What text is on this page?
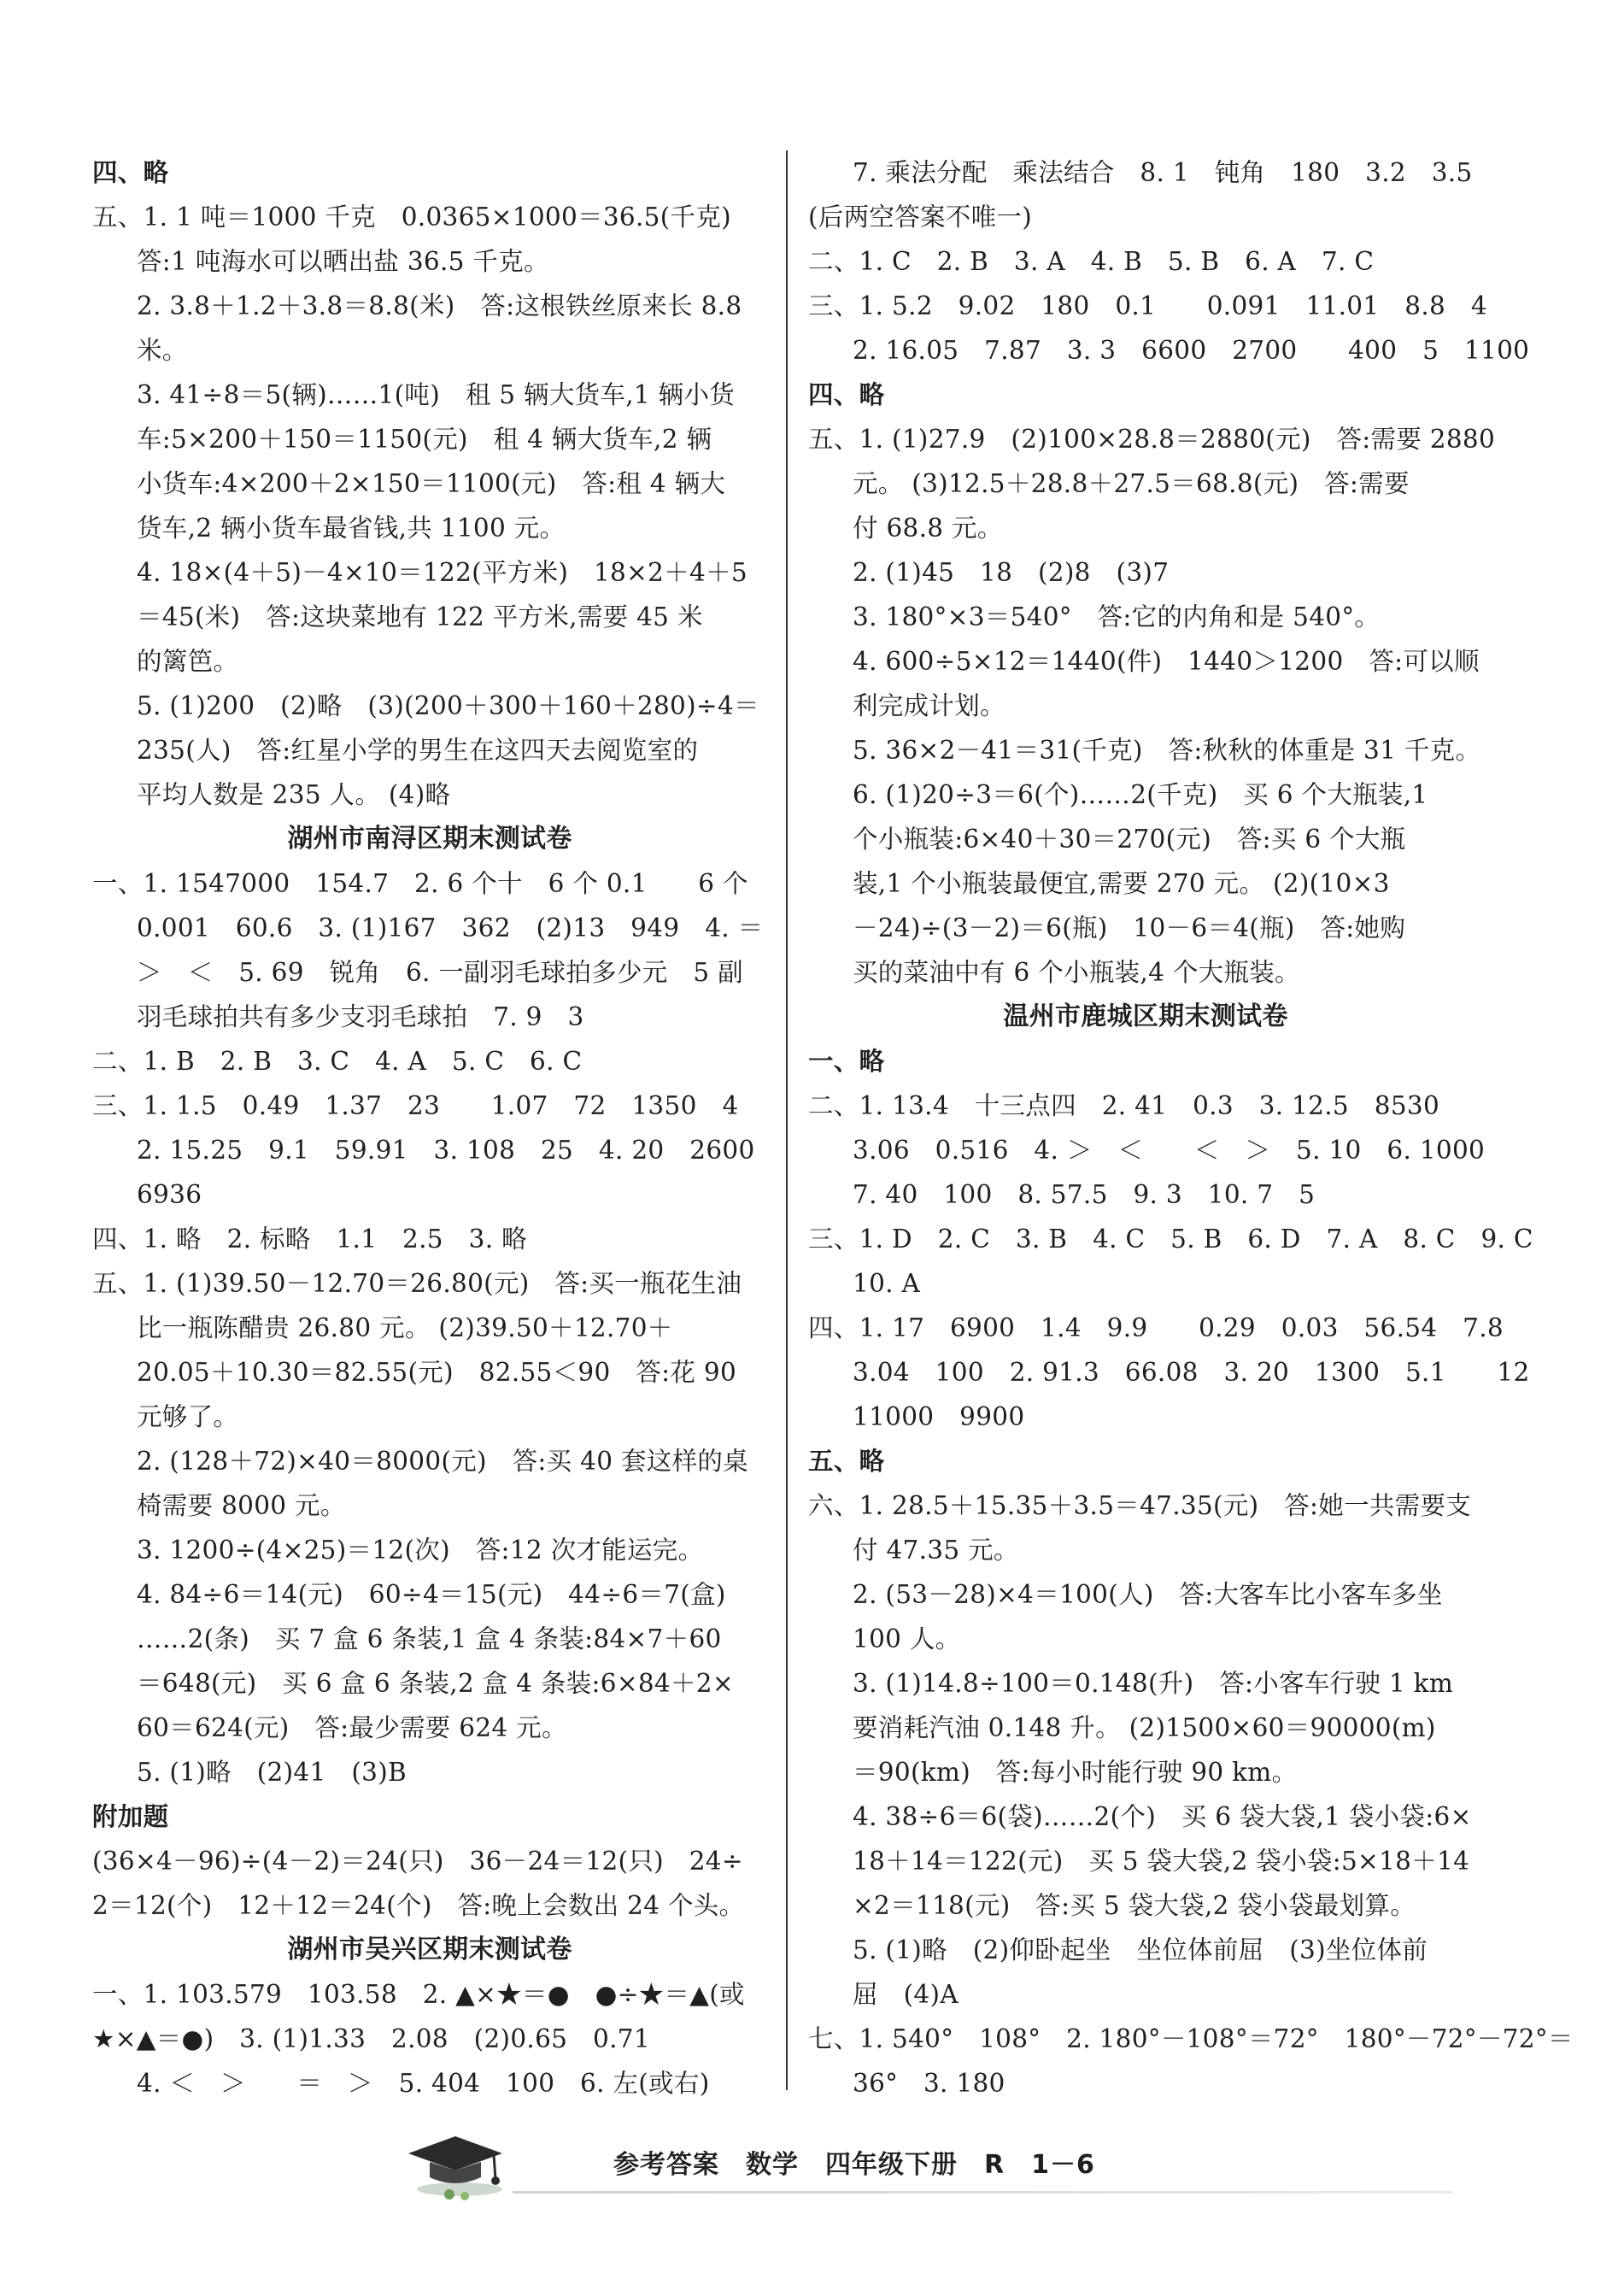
四、略
五、1. 1 吨＝1000 千克　0.0365×1000＝36.5(千克)
答:1 吨海水可以晒出盐 36.5 千克。
2. 3.8＋1.2＋3.8＝8.8(米)　答:这根铁丝原来长 8.8
米。
3. 41÷8＝5(辆)……1(吨)　租 5 辆大货车,1 辆小货
车:5×200＋150＝1150(元)　租 4 辆大货车,2 辆
小货车:4×200＋2×150＝1100(元)　答:租 4 辆大
货车,2 辆小货车最省钱,共 1100 元。
4. 18×(4＋5)－4×10＝122(平方米)　18×2＋4＋5
＝45(米)　答:这块菜地有 122 平方米,需要 45 米
的篱笆。
5. (1)200　(2)略　(3)(200＋300＋160＋280)÷4＝
235(人)　答:红星小学的男生在这四天去阅览室的
平均人数是 235 人。 (4)略
湖州市南浔区期末测试卷
一、1. 1547000　154.7　2. 6 个十　6 个 0.1　　6 个
0.001　60.6　3. (1)167　362　(2)13　949　4. ＝
＞　＜　5. 69　锐角　6. 一副羽毛球拍多少元　5 副
羽毛球拍共有多少支羽毛球拍　7. 9　3
二、1. B　2. B　3. C　4. A　5. C　6. C
三、1. 1.5　0.49　1.37　23　　1.07　72　1350　4
2. 15.25　9.1　59.91　3. 108　25　4. 20　2600
6936
四、1. 略　2. 标略　1.1　2.5　3. 略
五、1. (1)39.50－12.70＝26.80(元)　答:买一瓶花生油
比一瓶陈醋贵 26.80 元。 (2)39.50＋12.70＋
20.05＋10.30＝82.55(元)　82.55＜90　答:花 90
元够了。
2. (128＋72)×40＝8000(元)　答:买 40 套这样的桌
椅需要 8000 元。
3. 1200÷(4×25)＝12(次)　答:12 次才能运完。
4. 84÷6＝14(元)　60÷4＝15(元)　44÷6＝7(盒)
……2(条)　买 7 盒 6 条装,1 盒 4 条装:84×7＋60
＝648(元)　买 6 盒 6 条装,2 盒 4 条装:6×84＋2×
60＝624(元)　答:最少需要 624 元。
5. (1)略　(2)41　(3)B
附加题
(36×4－96)÷(4－2)＝24(只)　36－24＝12(只)　24÷
2＝12(个)　12＋12＝24(个)　答:晚上会数出 24 个头。
湖州市吴兴区期末测试卷
一、1. 103.579　103.58　2. ▲×★＝●　●÷★＝▲(或
★×▲＝●)　3. (1)1.33　2.08　(2)0.65　0.71
4. ＜　＞　　＝　＞　5. 404　100　6. 左(或右)
7. 乘法分配　乘法结合　8. 1　钝角　180　3.2　3.5
(后两空答案不唯一)
二、1. C　2. B　3. A　4. B　5. B　6. A　7. C
三、1. 5.2　9.02　180　0.1　　0.091　11.01　8.8　4
2. 16.05　7.87　3. 3　6600　2700　　400　5　1100
四、略
五、1. (1)27.9　(2)100×28.8＝2880(元)　答:需要 2880
元。 (3)12.5＋28.8＋27.5＝68.8(元)　答:需要
付 68.8 元。
2. (1)45　18　(2)8　(3)7
3. 180°×3＝540°　答:它的内角和是 540°。
4. 600÷5×12＝1440(件)　1440＞1200　答:可以顺
利完成计划。
5. 36×2－41＝31(千克)　答:秋秋的体重是 31 千克。
6. (1)20÷3＝6(个)……2(千克)　买 6 个大瓶装,1
个小瓶装:6×40＋30＝270(元)　答:买 6 个大瓶
装,1 个小瓶装最便宜,需要 270 元。 (2)(10×3
－24)÷(3－2)＝6(瓶)　10－6＝4(瓶)　答:她购
买的菜油中有 6 个小瓶装,4 个大瓶装。
温州市鹿城区期末测试卷
一、略
二、1. 13.4　十三点四　2. 41　0.3　3. 12.5　8530
3.06　0.516　4. ＞　＜　　＜　＞　5. 10　6. 1000
7. 40　100　8. 57.5　9. 3　10. 7　5
三、1. D　2. C　3. B　4. C　5. B　6. D　7. A　8. C　9. C
10. A
四、1. 17　6900　1.4　9.9　　0.29　0.03　56.54　7.8
3.04　100　2. 91.3　66.08　3. 20　1300　5.1　　12
11000　9900
五、略
六、1. 28.5＋15.35＋3.5＝47.35(元)　答:她一共需要支
付 47.35 元。
2. (53－28)×4＝100(人)　答:大客车比小客车多坐
100 人。
3. (1)14.8÷100＝0.148(升)　答:小客车行驶 1 km
要消耗汽油 0.148 升。 (2)1500×60＝90000(m)
＝90(km)　答:每小时能行驶 90 km。
4. 38÷6＝6(袋)……2(个)　买 6 袋大袋,1 袋小袋:6×
18＋14＝122(元)　买 5 袋大袋,2 袋小袋:5×18＋14
×2＝118(元)　答:买 5 袋大袋,2 袋小袋最划算。
5. (1)略　(2)仰卧起坐　坐位体前屈　(3)坐位体前
屈　(4)A
七、1. 540°　108°　2. 180°－108°＝72°　180°－72°－72°＝
36°　3. 180
参考答案　数学　四年级下册　R　1－6
